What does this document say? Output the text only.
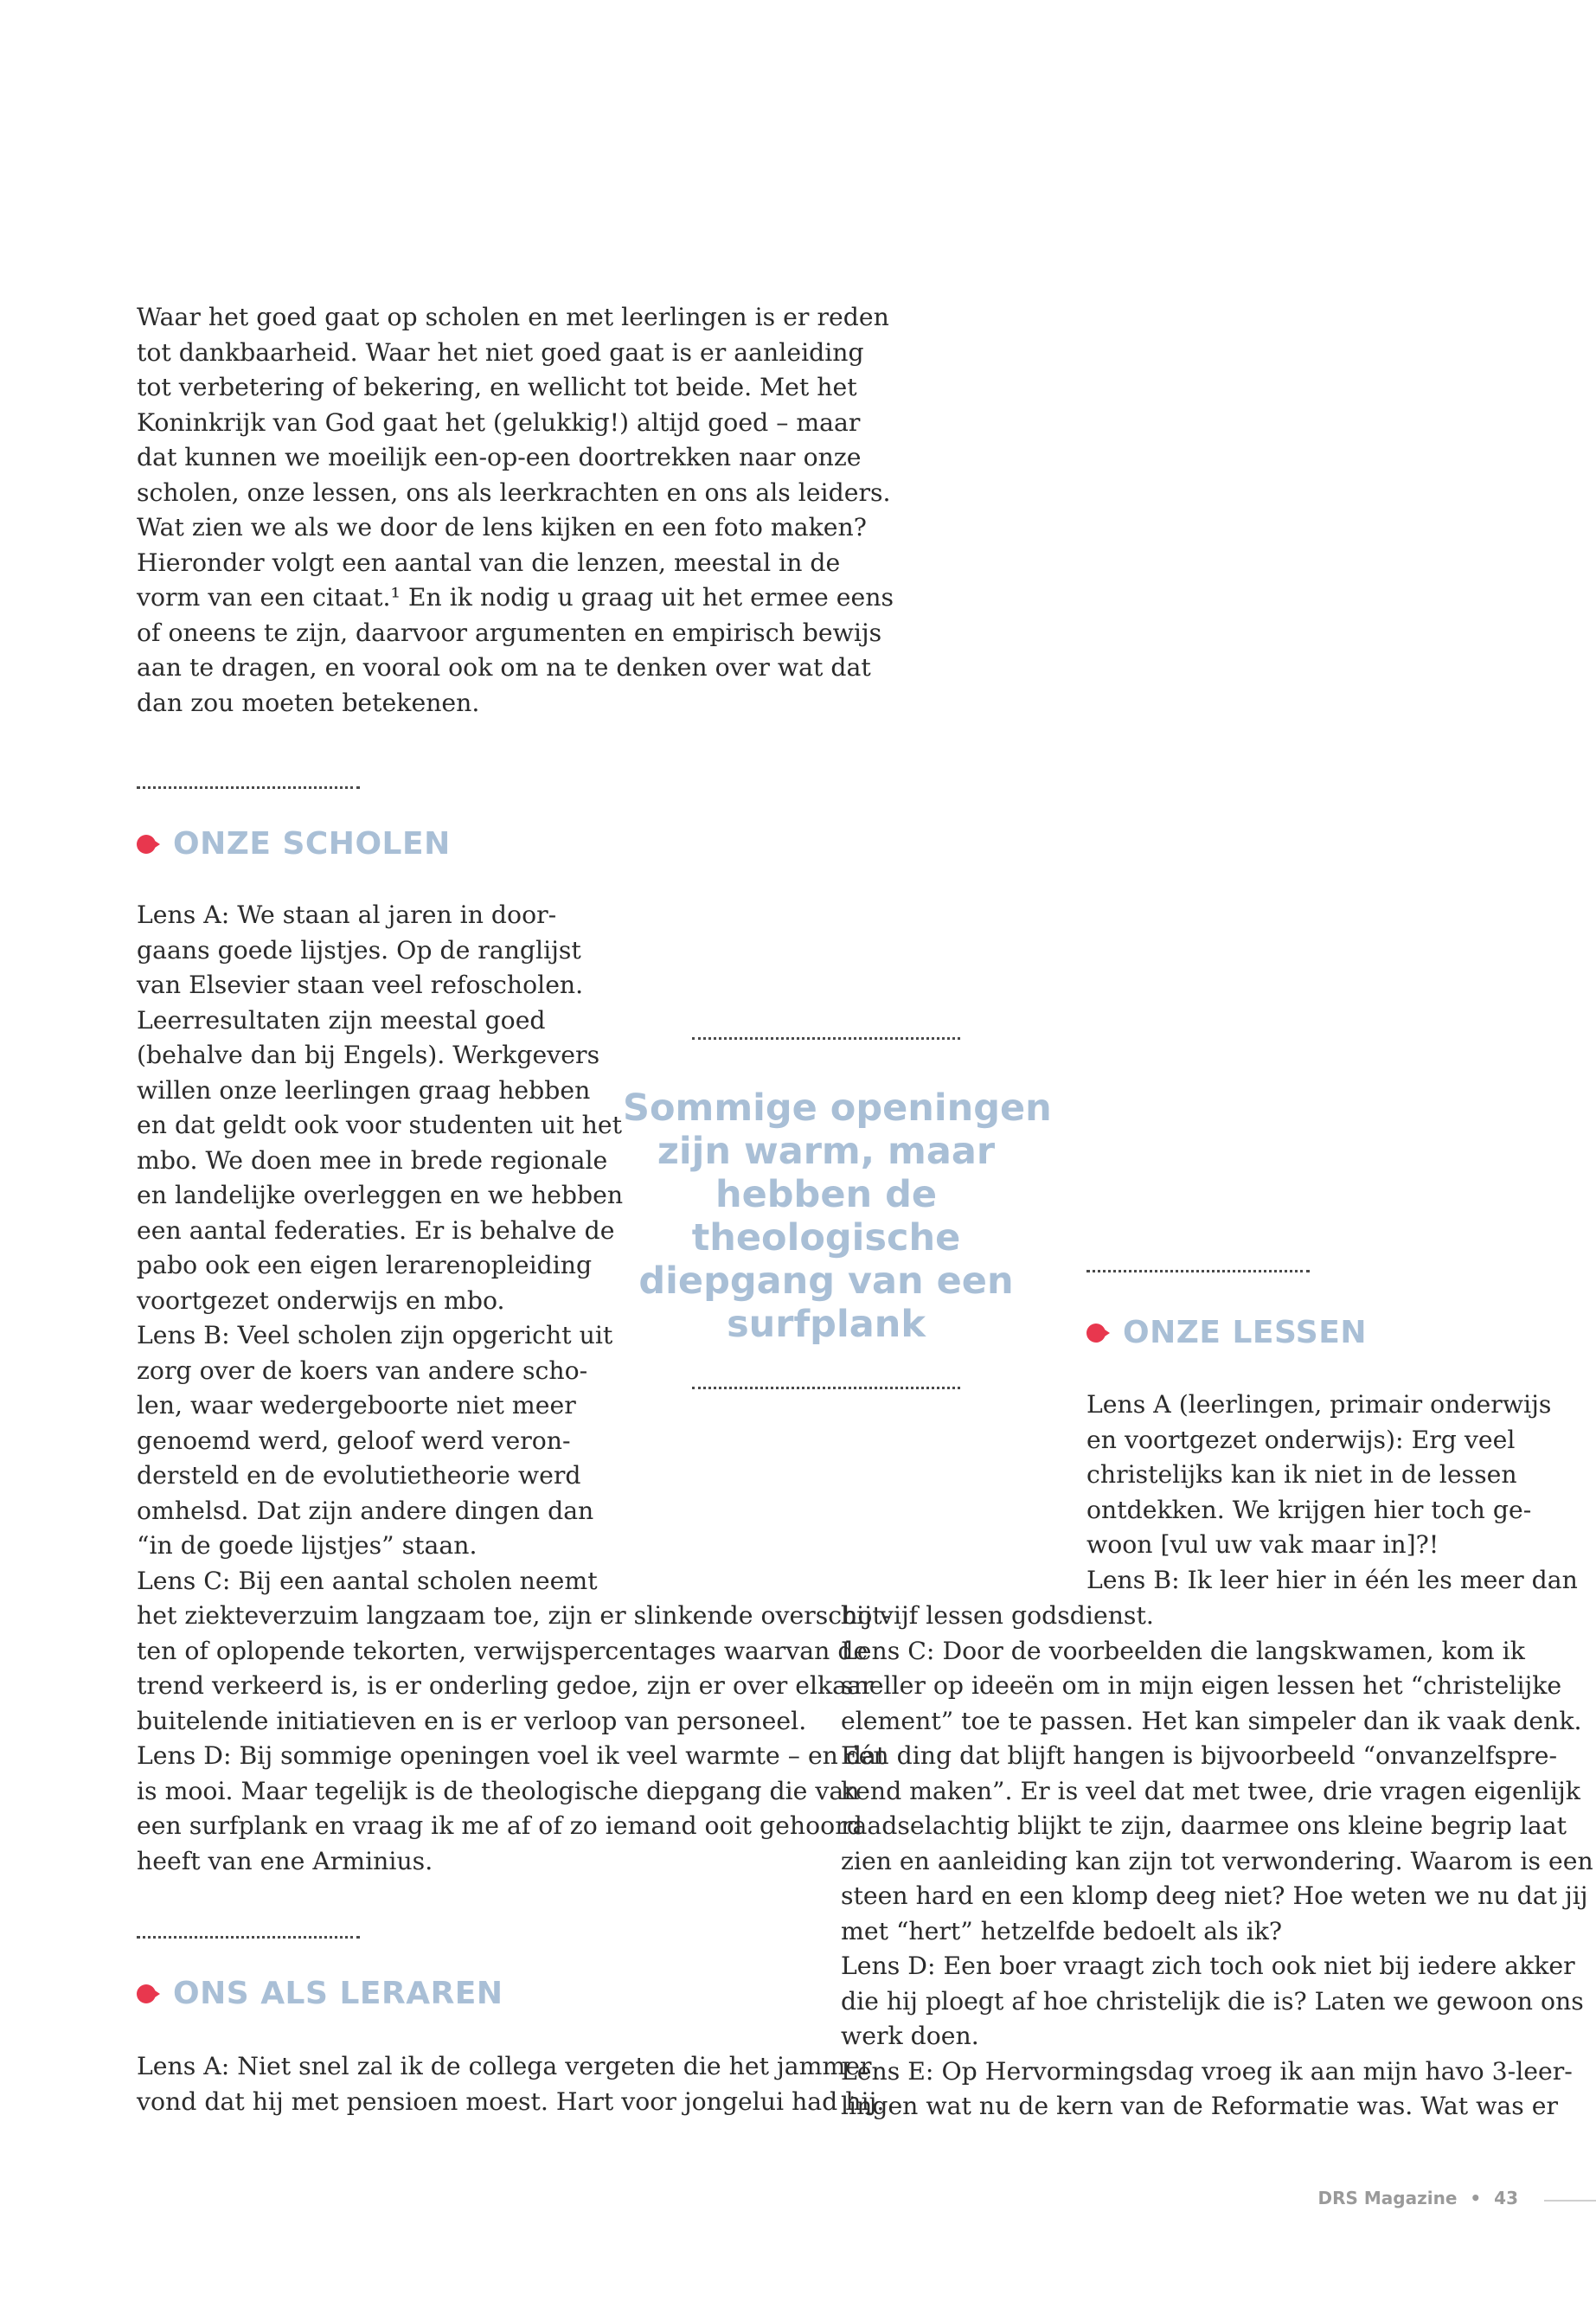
Waar het goed gaat op scholen en met leerlingen is er reden
tot dankbaarheid. Waar het niet goed gaat is er aanleiding
tot verbetering of bekering, en wellicht tot beide. Met het
Koninkrijk van God gaat het (gelukkig!) altijd goed – maar
dat kunnen we moeilijk een-op-een doortrekken naar onze
scholen, onze lessen, ons als leerkrachten en ons als leiders.
Wat zien we als we door de lens kijken en een foto maken?
Hieronder volgt een aantal van die lenzen, meestal in de
vorm van een citaat.¹ En ik nodig u graag uit het ermee eens
of oneens te zijn, daarvoor argumenten en empirisch bewijs
aan te dragen, en vooral ook om na te denken over wat dat
dan zou moeten betekenen.

ONZE SCHOLEN

Lens A: We staan al jaren in door-
gaans goede lijstjes. Op de ranglijst
van Elsevier staan veel refoscholen.
Leerresultaten zijn meestal goed
(behalve dan bij Engels). Werkgevers
willen onze leerlingen graag hebben
en dat geldt ook voor studenten uit het
mbo. We doen mee in brede regionale
en landelijke overleggen en we hebben
een aantal federaties. Er is behalve de
pabo ook een eigen lerarenopleiding
voortgezet onderwijs en mbo.
Lens B: Veel scholen zijn opgericht uit
zorg over de koers van andere scho-
len, waar wedergeboorte niet meer
genoemd werd, geloof werd veron-
dersteld en de evolutietheorie werd
omhelsd. Dat zijn andere dingen dan
“in de goede lijstjes” staan.
Lens C: Bij een aantal scholen neemt

het ziekteverzuim langzaam toe, zijn er slinkende overschot-
ten of oplopende tekorten, verwijspercentages waarvan de
trend verkeerd is, is er onderling gedoe, zijn er over elkaar
buitelende initiatieven en is er verloop van personeel.
Lens D: Bij sommige openingen voel ik veel warmte – en dat
is mooi. Maar tegelijk is de theologische diepgang die van
een surfplank en vraag ik me af of zo iemand ooit gehoord
heeft van ene Arminius.

ONS ALS LERAREN

Lens A: Niet snel zal ik de collega vergeten die het jammer
vond dat hij met pensioen moest. Hart voor jongelui had hij.

Sommige openingen
zijn warm, maar
hebben de
theologische
diepgang van een
surfplank	ONZE LESSEN

Lens A (leerlingen, primair onderwijs
en voortgezet onderwijs): Erg veel
christelijks kan ik niet in de lessen
ontdekken. We krijgen hier toch ge-
woon [vul uw vak maar in]?!
Lens B: Ik leer hier in één les meer dan

bij vijf lessen godsdienst.
Lens C: Door de voorbeelden die langskwamen, kom ik
sneller op ideeën om in mijn eigen lessen het “christelijke
element” toe te passen. Het kan simpeler dan ik vaak denk.
Eén ding dat blijft hangen is bijvoorbeeld “onvanzelfspre-
kend maken”. Er is veel dat met twee, drie vragen eigenlijk
raadselachtig blijkt te zijn, daarmee ons kleine begrip laat
zien en aanleiding kan zijn tot verwondering. Waarom is een
steen hard en een klomp deeg niet? Hoe weten we nu dat jij
met “hert” hetzelfde bedoelt als ik?
Lens D: Een boer vraagt zich toch ook niet bij iedere akker
die hij ploegt af hoe christelijk die is? Laten we gewoon ons
werk doen.
Lens E: Op Hervormingsdag vroeg ik aan mijn havo 3-leer-
lingen wat nu de kern van de Reformatie was. Wat was er

DRS Magazine • 43
